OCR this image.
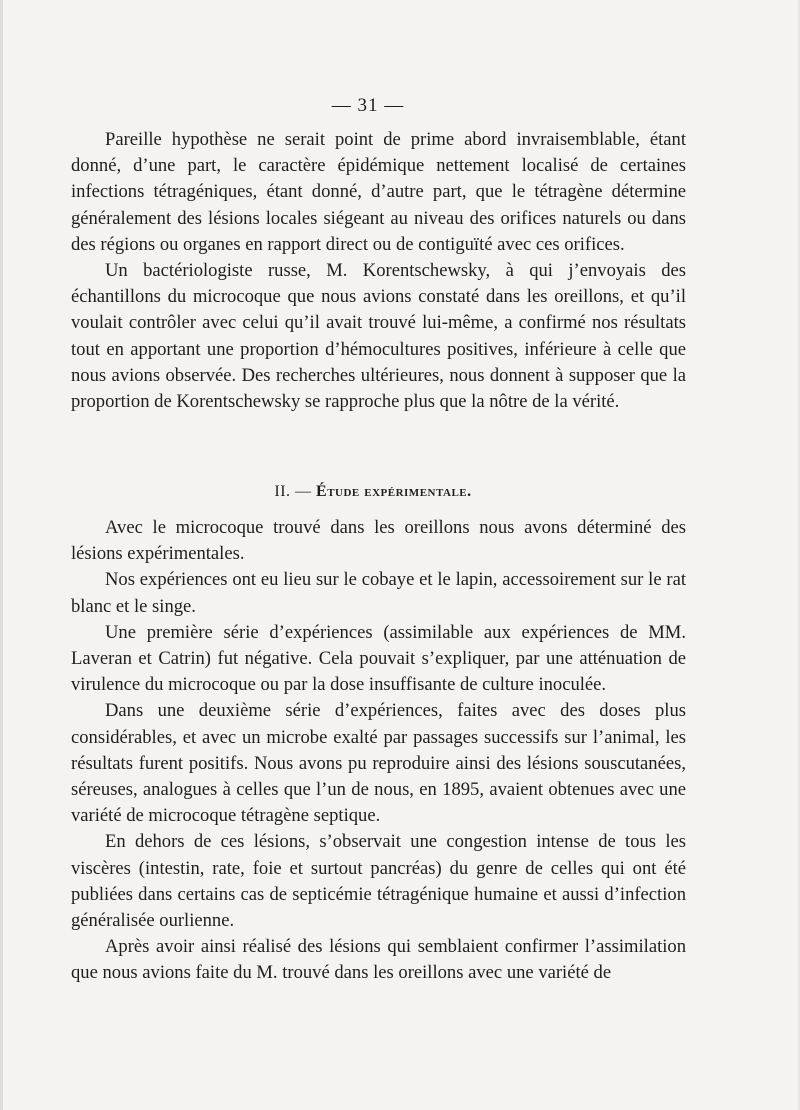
— 31 —

Pareille hypothèse ne serait point de prime abord invraisemblable, étant donné, d’une part, le caractère épidémique nettement localisé de certaines infections tétragéniques, étant donné, d’autre part, que le tétragène détermine généralement des lésions locales siégeant au niveau des orifices naturels ou dans des régions ou organes en rapport direct ou de contiguïté avec ces orifices.

Un bactériologiste russe, M. Korentschewsky, à qui j’envoyais des échantillons du microcoque que nous avions constaté dans les oreillons, et qu’il voulait contrôler avec celui qu’il avait trouvé lui-même, a confirmé nos résultats tout en apportant une proportion d’hémocultures positives, inférieure à celle que nous avions observée. Des recherches ultérieures, nous donnent à supposer que la proportion de Korentschewsky se rapproche plus que la nôtre de la vérité.

II. — Étude expérimentale.

Avec le microcoque trouvé dans les oreillons nous avons déterminé des lésions expérimentales.

Nos expériences ont eu lieu sur le cobaye et le lapin, accessoirement sur le rat blanc et le singe.

Une première série d’expériences (assimilable aux expériences de MM. Laveran et Catrin) fut négative. Cela pouvait s’expliquer, par une atténuation de virulence du microcoque ou par la dose insuffisante de culture inoculée.

Dans une deuxième série d’expériences, faites avec des doses plus considérables, et avec un microbe exalté par passages successifs sur l’animal, les résultats furent positifs. Nous avons pu reproduire ainsi des lésions souscutanées, séreuses, analogues à celles que l’un de nous, en 1895, avaient obtenues avec une variété de microcoque tétragène septique.

En dehors de ces lésions, s’observait une congestion intense de tous les viscères (intestin, rate, foie et surtout pancréas) du genre de celles qui ont été publiées dans certains cas de septicémie tétragénique humaine et aussi d’infection généralisée ourlienne.

Après avoir ainsi réalisé des lésions qui semblaient confirmer l’assimilation que nous avions faite du M. trouvé dans les oreillons avec une variété de
